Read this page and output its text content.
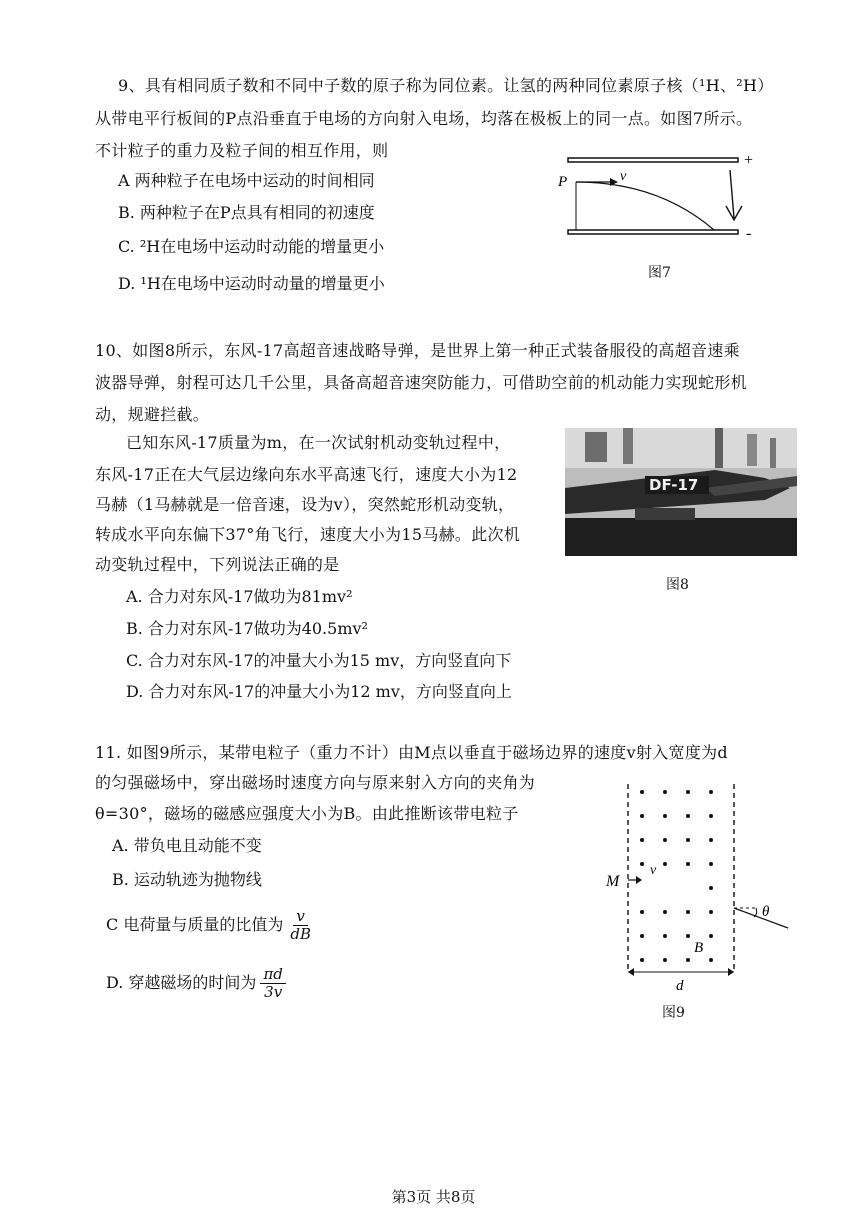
9、具有相同质子数和不同中子数的原子称为同位素。让氢的两种同位素原子核（¹H、²H）
从带电平行板间的P点沿垂直于电场的方向射入电场，均落在极板上的同一点。如图7所示。
不计粒子的重力及粒子间的相互作用，则
A 两种粒子在电场中运动的时间相同
B. 两种粒子在P点具有相同的初速度
C. ²H在电场中运动时动能的增量更小
D. ¹H在电场中运动时动量的增量更小
P	v
+
-
图7
10、如图8所示，东风-17高超音速战略导弹，是世界上第一种正式装备服役的高超音速乘
波器导弹，射程可达几千公里，具备高超音速突防能力，可借助空前的机动能力实现蛇形机
动，规避拦截。
已知东风-17质量为m，在一次试射机动变轨过程中，
东风-17正在大气层边缘向东水平高速飞行，速度大小为12
马赫（1马赫就是一倍音速，设为v），突然蛇形机动变轨，
转成水平向东偏下37°角飞行，速度大小为15马赫。此次机
动变轨过程中，下列说法正确的是
A. 合力对东风-17做功为81mv²
B. 合力对东风-17做功为40.5mv²
C. 合力对东风-17的冲量大小为15 mv，方向竖直向下
D. 合力对东风-17的冲量大小为12 mv，方向竖直向上
DF-17
图8
11. 如图9所示，某带电粒子（重力不计）由M点以垂直于磁场边界的速度v射入宽度为d
的匀强磁场中，穿出磁场时速度方向与原来射入方向的夹角为
θ=30°，磁场的磁感应强度大小为B。由此推断该带电粒子
A. 带负电且动能不变
B. 运动轨迹为抛物线
C 电荷量与质量的比值为 $\frac{v}{dB}$
D. 穿越磁场的时间为 $\frac{\pi d}{3v}$
M
v
B
d
θ
图9
第3页 共8页
